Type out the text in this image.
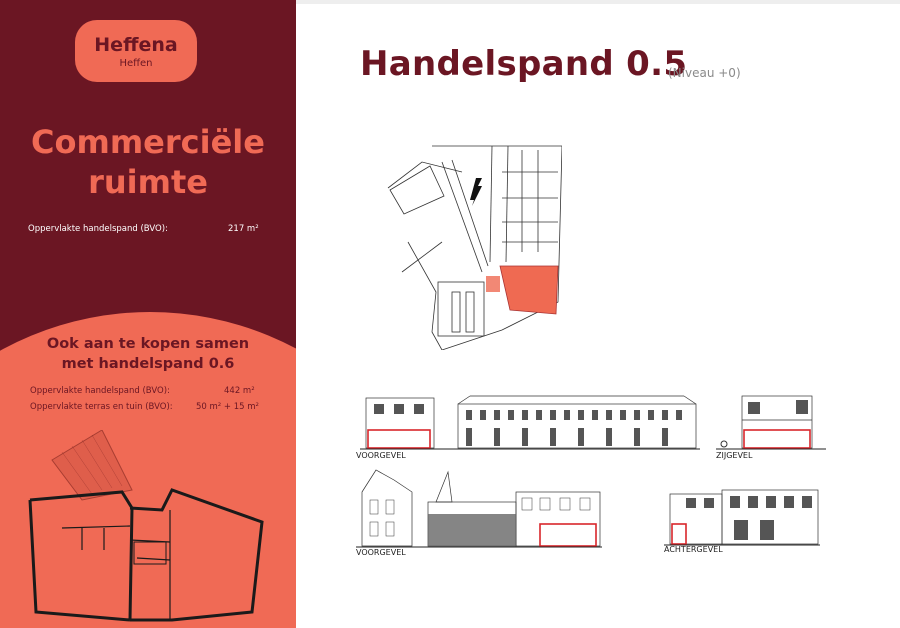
Heffena
Heffen
Commerciële
ruimte
Oppervlakte handelspand (BVO):	217 m²
Ook aan te kopen samen
met handelspand 0.6
Oppervlakte handelspand (BVO):	442 m²
Oppervlakte terras en tuin (BVO):	50 m² + 15 m²
Handelspand 0.5
(Niveau +0)
VOORGEVEL	ZIJGEVEL
VOORGEVEL	ACHTERGEVEL
